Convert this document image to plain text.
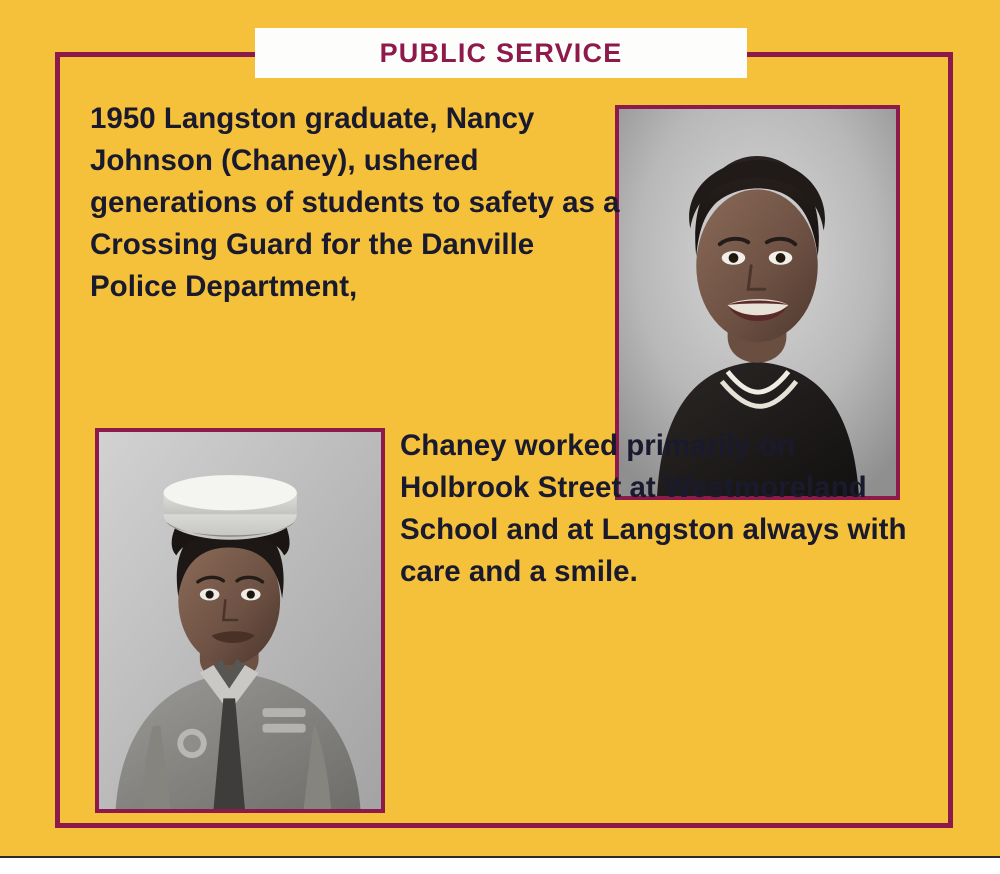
PUBLIC SERVICE
1950 Langston graduate, Nancy Johnson (Chaney), ushered generations of students to safety as a Crossing Guard for the Danville Police Department,
Chaney worked primarily on Holbrook Street at Westmoreland School and at Langston always with care and a smile.
